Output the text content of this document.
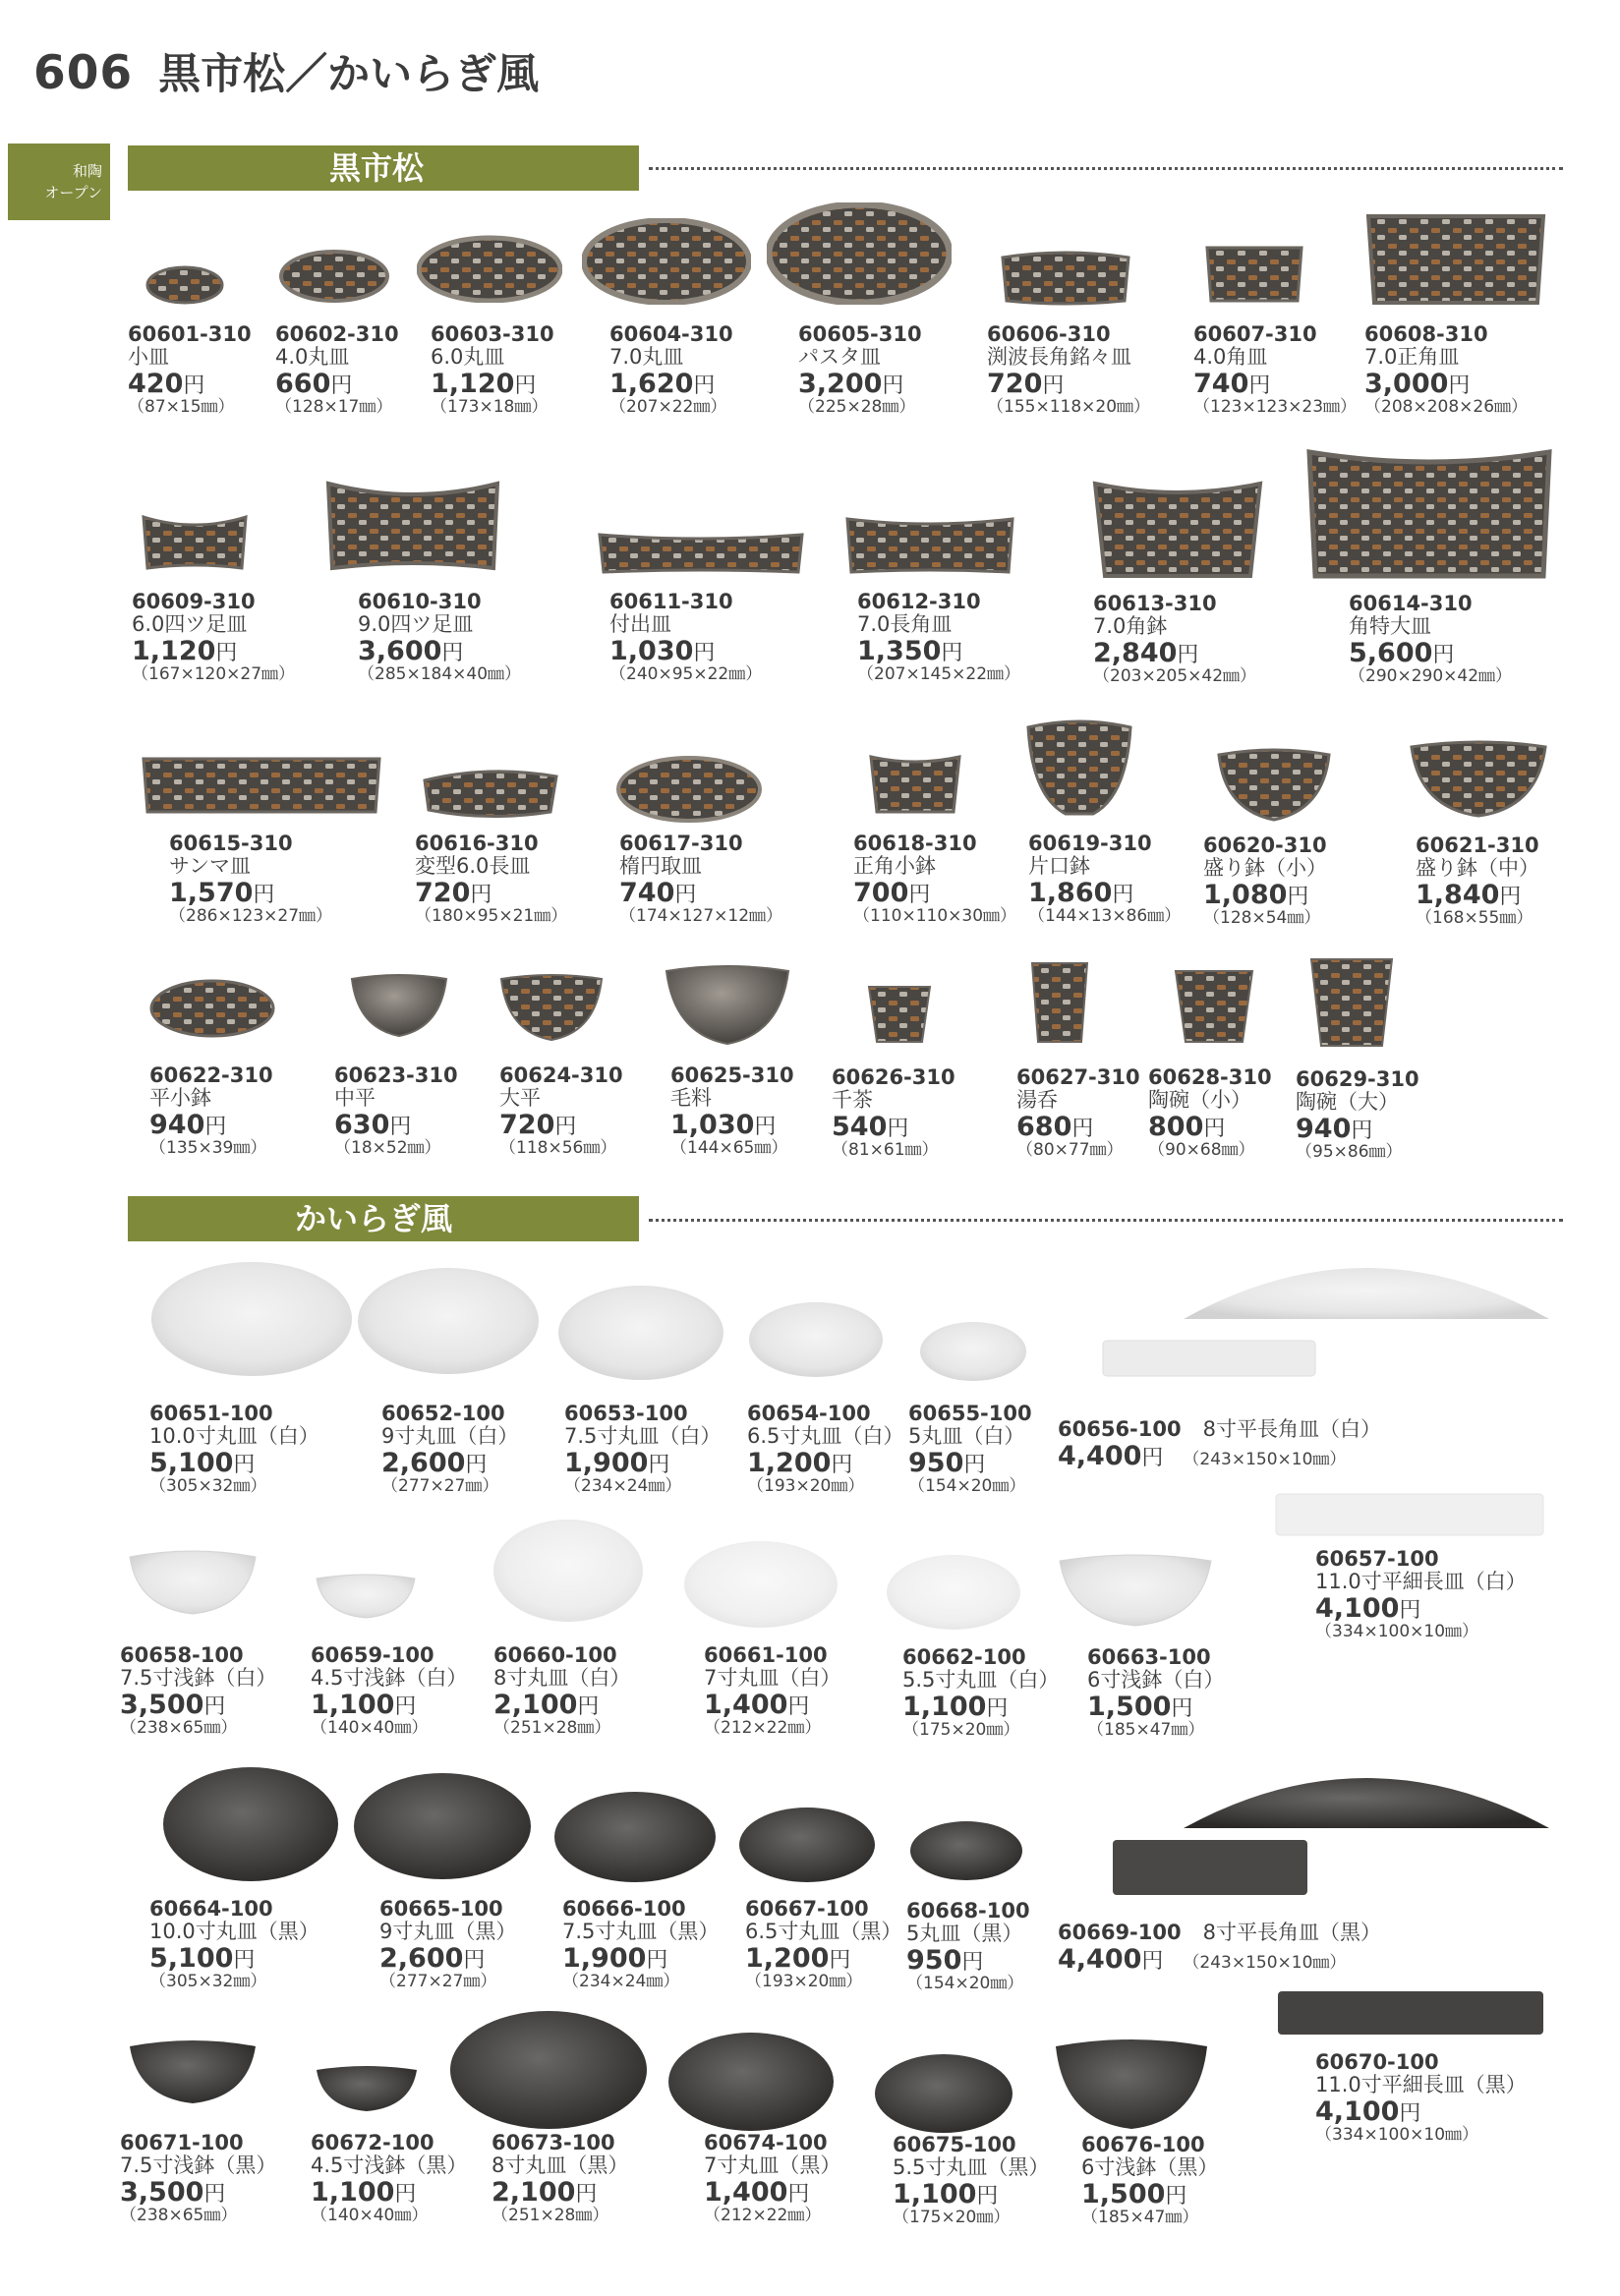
606 黒市松／かいらぎ風
和陶
オープン
黒市松
かいらぎ風
60601-310
小皿
420円
（87×15㎜）
60602-310
4.0丸皿
660円
（128×17㎜）
60603-310
6.0丸皿
1,120円
（173×18㎜）
60604-310
7.0丸皿
1,620円
（207×22㎜）
60605-310
パスタ皿
3,200円
（225×28㎜）
60606-310
渕波長角銘々皿
720円
（155×118×20㎜）
60607-310
4.0角皿
740円
（123×123×23㎜）
60608-310
7.0正角皿
3,000円
（208×208×26㎜）
60609-310
6.0四ツ足皿
1,120円
（167×120×27㎜）
60610-310
9.0四ツ足皿
3,600円
（285×184×40㎜）
60611-310
付出皿
1,030円
（240×95×22㎜）
60612-310
7.0長角皿
1,350円
（207×145×22㎜）
60613-310
7.0角鉢
2,840円
（203×205×42㎜）
60614-310
角特大皿
5,600円
（290×290×42㎜）
60615-310
サンマ皿
1,570円
（286×123×27㎜）
60616-310
変型6.0長皿
720円
（180×95×21㎜）
60617-310
楕円取皿
740円
（174×127×12㎜）
60618-310
正角小鉢
700円
（110×110×30㎜）
60619-310
片口鉢
1,860円
（144×13×86㎜）
60620-310
盛り鉢（小）
1,080円
（128×54㎜）
60621-310
盛り鉢（中）
1,840円
（168×55㎜）
60622-310
平小鉢
940円
（135×39㎜）
60623-310
中平
630円
（18×52㎜）
60624-310
大平
720円
（118×56㎜）
60625-310
毛料
1,030円
（144×65㎜）
60626-310
千茶
540円
（81×61㎜）
60627-310
湯呑
680円
（80×77㎜）
60628-310
陶碗（小）
800円
（90×68㎜）
60629-310
陶碗（大）
940円
（95×86㎜）
60651-100
10.0寸丸皿（白）
5,100円
（305×32㎜）
60652-100
9寸丸皿（白）
2,600円
（277×27㎜）
60653-100
7.5寸丸皿（白）
1,900円
（234×24㎜）
60654-100
6.5寸丸皿（白）
1,200円
（193×20㎜）
60655-100
5丸皿（白）
950円
（154×20㎜）
60656-100 8寸平長角皿（白）
4,400円 （243×150×10㎜）
60657-100
11.0寸平細長皿（白）
4,100円
（334×100×10㎜）
60658-100
7.5寸浅鉢（白）
3,500円
（238×65㎜）
60659-100
4.5寸浅鉢（白）
1,100円
（140×40㎜）
60660-100
8寸丸皿（白）
2,100円
（251×28㎜）
60661-100
7寸丸皿（白）
1,400円
（212×22㎜）
60662-100
5.5寸丸皿（白）
1,100円
（175×20㎜）
60663-100
6寸浅鉢（白）
1,500円
（185×47㎜）
60664-100
10.0寸丸皿（黒）
5,100円
（305×32㎜）
60665-100
9寸丸皿（黒）
2,600円
（277×27㎜）
60666-100
7.5寸丸皿（黒）
1,900円
（234×24㎜）
60667-100
6.5寸丸皿（黒）
1,200円
（193×20㎜）
60668-100
5丸皿（黒）
950円
（154×20㎜）
60669-100 8寸平長角皿（黒）
4,400円 （243×150×10㎜）
60670-100
11.0寸平細長皿（黒）
4,100円
（334×100×10㎜）
60671-100
7.5寸浅鉢（黒）
3,500円
（238×65㎜）
60672-100
4.5寸浅鉢（黒）
1,100円
（140×40㎜）
60673-100
8寸丸皿（黒）
2,100円
（251×28㎜）
60674-100
7寸丸皿（黒）
1,400円
（212×22㎜）
60675-100
5.5寸丸皿（黒）
1,100円
（175×20㎜）
60676-100
6寸浅鉢（黒）
1,500円
（185×47㎜）
